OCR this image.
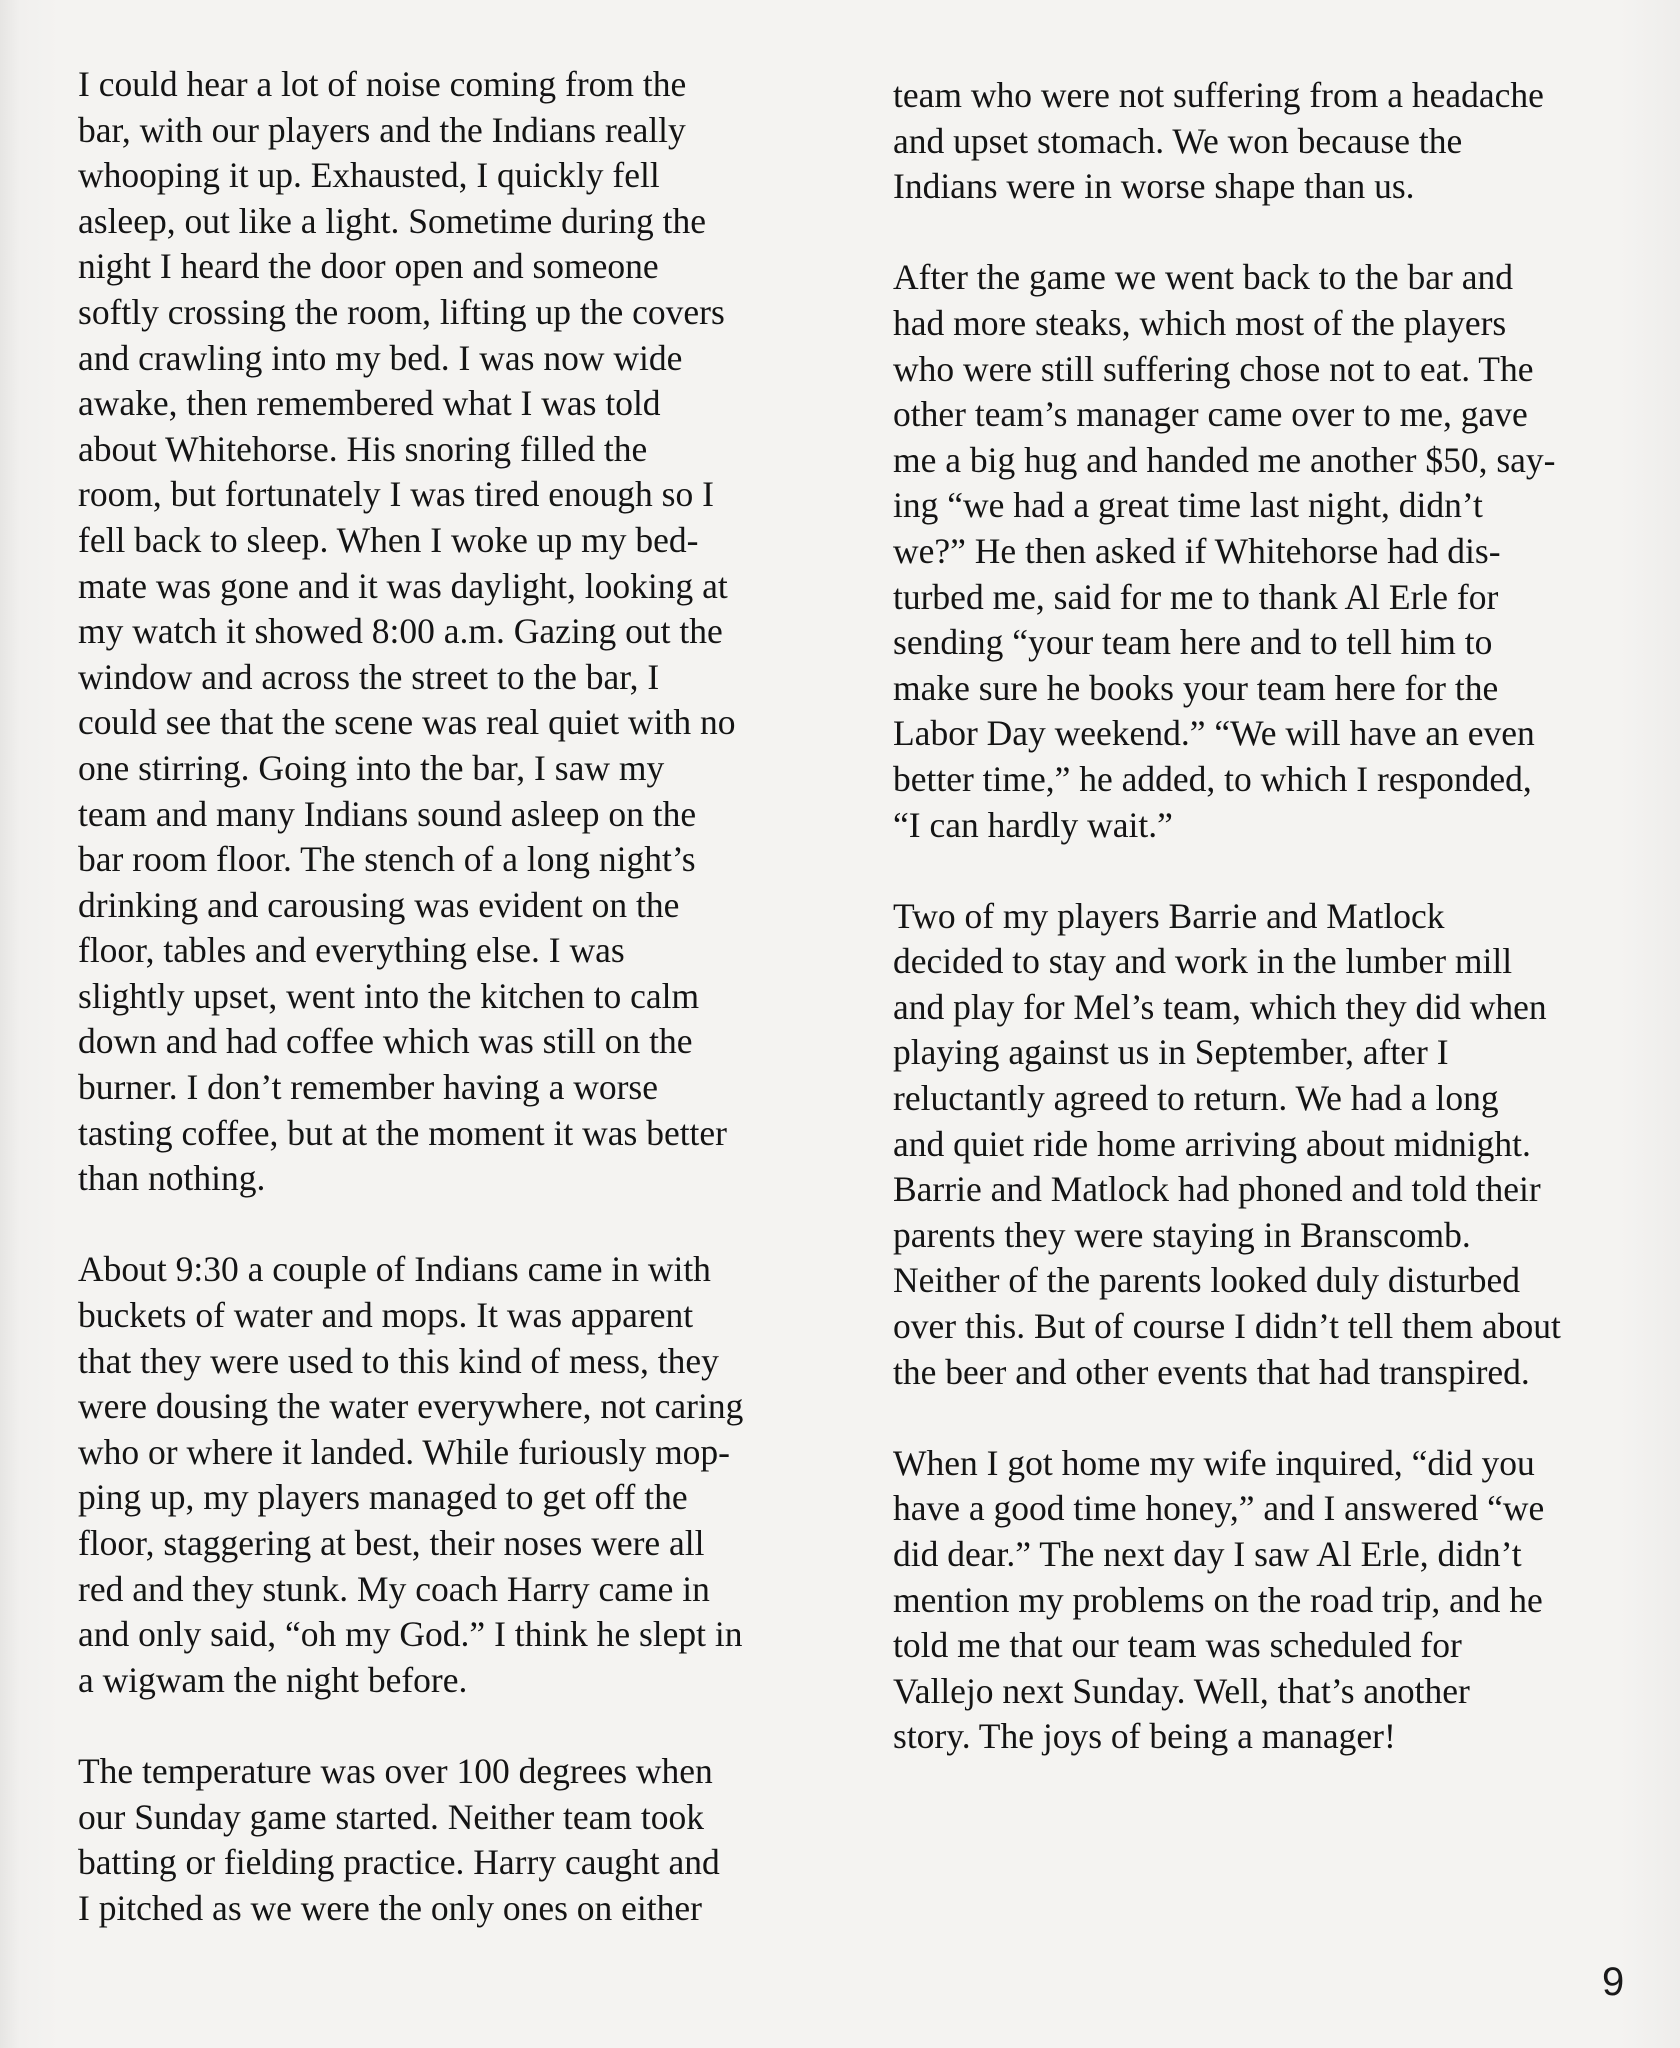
I could hear a lot of noise coming from the
bar, with our players and the Indians really
whooping it up. Exhausted, I quickly fell
asleep, out like a light. Sometime during the
night I heard the door open and someone
softly crossing the room, lifting up the covers
and crawling into my bed. I was now wide
awake, then remembered what I was told
about Whitehorse. His snoring filled the
room, but fortunately I was tired enough so I
fell back to sleep. When I woke up my bed-
mate was gone and it was daylight, looking at
my watch it showed 8:00 a.m. Gazing out the
window and across the street to the bar, I
could see that the scene was real quiet with no
one stirring. Going into the bar, I saw my
team and many Indians sound asleep on the
bar room floor. The stench of a long night’s
drinking and carousing was evident on the
floor, tables and everything else. I was
slightly upset, went into the kitchen to calm
down and had coffee which was still on the
burner. I don’t remember having a worse
tasting coffee, but at the moment it was better
than nothing.
About 9:30 a couple of Indians came in with
buckets of water and mops. It was apparent
that they were used to this kind of mess, they
were dousing the water everywhere, not caring
who or where it landed. While furiously mop-
ping up, my players managed to get off the
floor, staggering at best, their noses were all
red and they stunk. My coach Harry came in
and only said, “oh my God.” I think he slept in
a wigwam the night before.
The temperature was over 100 degrees when
our Sunday game started. Neither team took
batting or fielding practice. Harry caught and
I pitched as we were the only ones on either
team who were not suffering from a headache
and upset stomach. We won because the
Indians were in worse shape than us.
After the game we went back to the bar and
had more steaks, which most of the players
who were still suffering chose not to eat. The
other team’s manager came over to me, gave
me a big hug and handed me another $50, say-
ing “we had a great time last night, didn’t
we?” He then asked if Whitehorse had dis-
turbed me, said for me to thank Al Erle for
sending “your team here and to tell him to
make sure he books your team here for the
Labor Day weekend.” “We will have an even
better time,” he added, to which I responded,
“I can hardly wait.”
Two of my players Barrie and Matlock
decided to stay and work in the lumber mill
and play for Mel’s team, which they did when
playing against us in September, after I
reluctantly agreed to return. We had a long
and quiet ride home arriving about midnight.
Barrie and Matlock had phoned and told their
parents they were staying in Branscomb.
Neither of the parents looked duly disturbed
over this. But of course I didn’t tell them about
the beer and other events that had transpired.
When I got home my wife inquired, “did you
have a good time honey,” and I answered “we
did dear.” The next day I saw Al Erle, didn’t
mention my problems on the road trip, and he
told me that our team was scheduled for
Vallejo next Sunday. Well, that’s another
story. The joys of being a manager!
9
